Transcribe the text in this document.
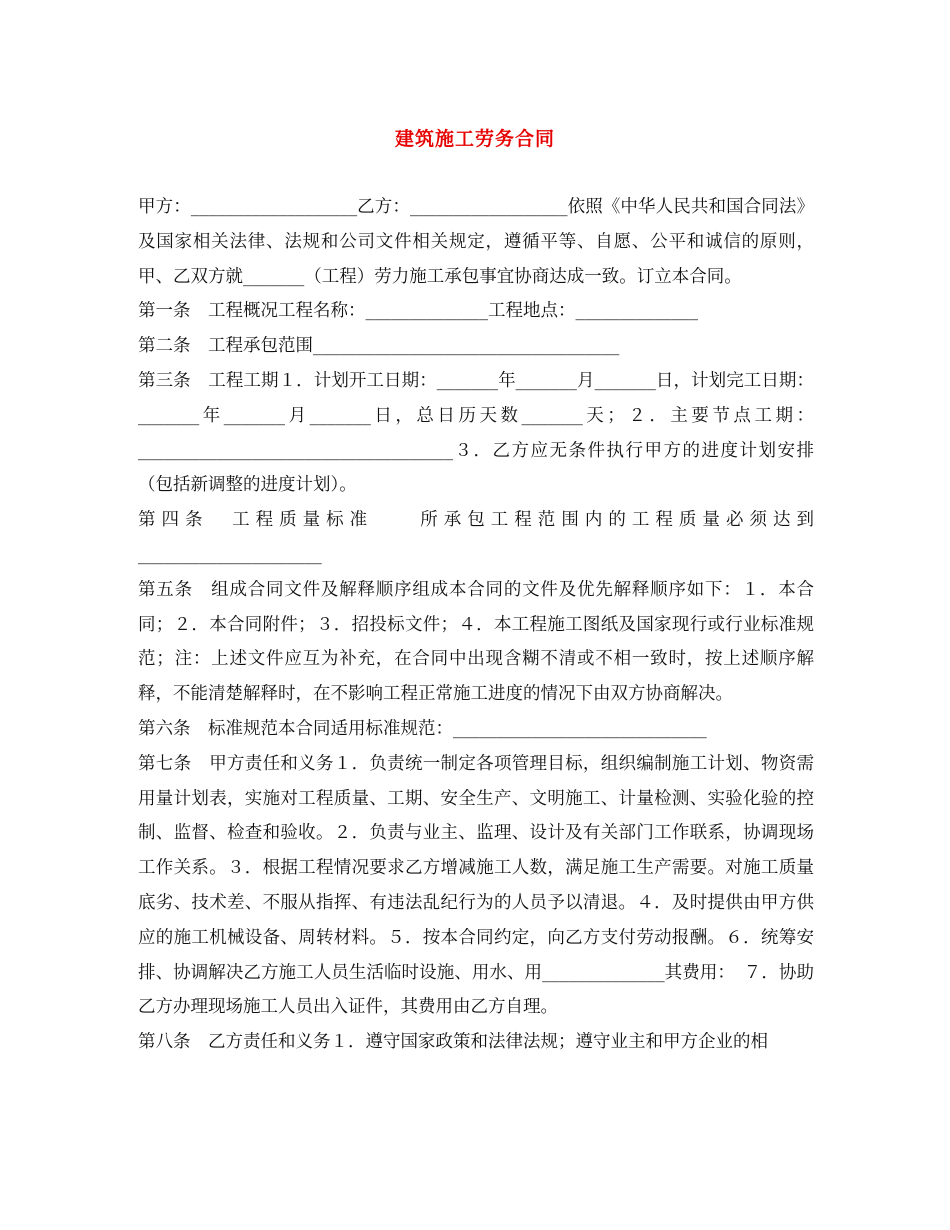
建筑施工劳务合同

甲方：___________________乙方：__________________依照《中华人民共和国合同法》及国家相关法律、法规和公司文件相关规定，遵循平等、自愿、公平和诚信的原则，甲、乙双方就_______（工程）劳力施工承包事宜协商达成一致。订立本合同。

第一条　工程概况工程名称：______________工程地点：______________

第二条　工程承包范围___________________________________

第三条　工程工期１．计划开工日期：_______年_______月_______日，计划完工日期：_______年_______月_______日，总日历天数_______天；２．主要节点工期：____________________________________３．乙方应无条件执行甲方的进度计划安排（包括新调整的进度计划）。

第四条　工程质量标准　　所承包工程范围内的工程质量必须达到_____________________

第五条　组成合同文件及解释顺序组成本合同的文件及优先解释顺序如下：１．本合同；２．本合同附件；３．招投标文件；４．本工程施工图纸及国家现行或行业标准规范；注：上述文件应互为补充，在合同中出现含糊不清或不相一致时，按上述顺序解释，不能清楚解释时，在不影响工程正常施工进度的情况下由双方协商解决。

第六条　标准规范本合同适用标准规范：_____________________________

第七条　甲方责任和义务１．负责统一制定各项管理目标，组织编制施工计划、物资需用量计划表，实施对工程质量、工期、安全生产、文明施工、计量检测、实验化验的控制、监督、检查和验收。２．负责与业主、监理、设计及有关部门工作联系，协调现场工作关系。３．根据工程情况要求乙方增减施工人数，满足施工生产需要。对施工质量底劣、技术差、不服从指挥、有违法乱纪行为的人员予以清退。４．及时提供由甲方供应的施工机械设备、周转材料。５．按本合同约定，向乙方支付劳动报酬。６．统筹安排、协调解决乙方施工人员生活临时设施、用水、用______________其费用：　７．协助乙方办理现场施工人员出入证件，其费用由乙方自理。

第八条　乙方责任和义务１．遵守国家政策和法律法规；遵守业主和甲方企业的相
